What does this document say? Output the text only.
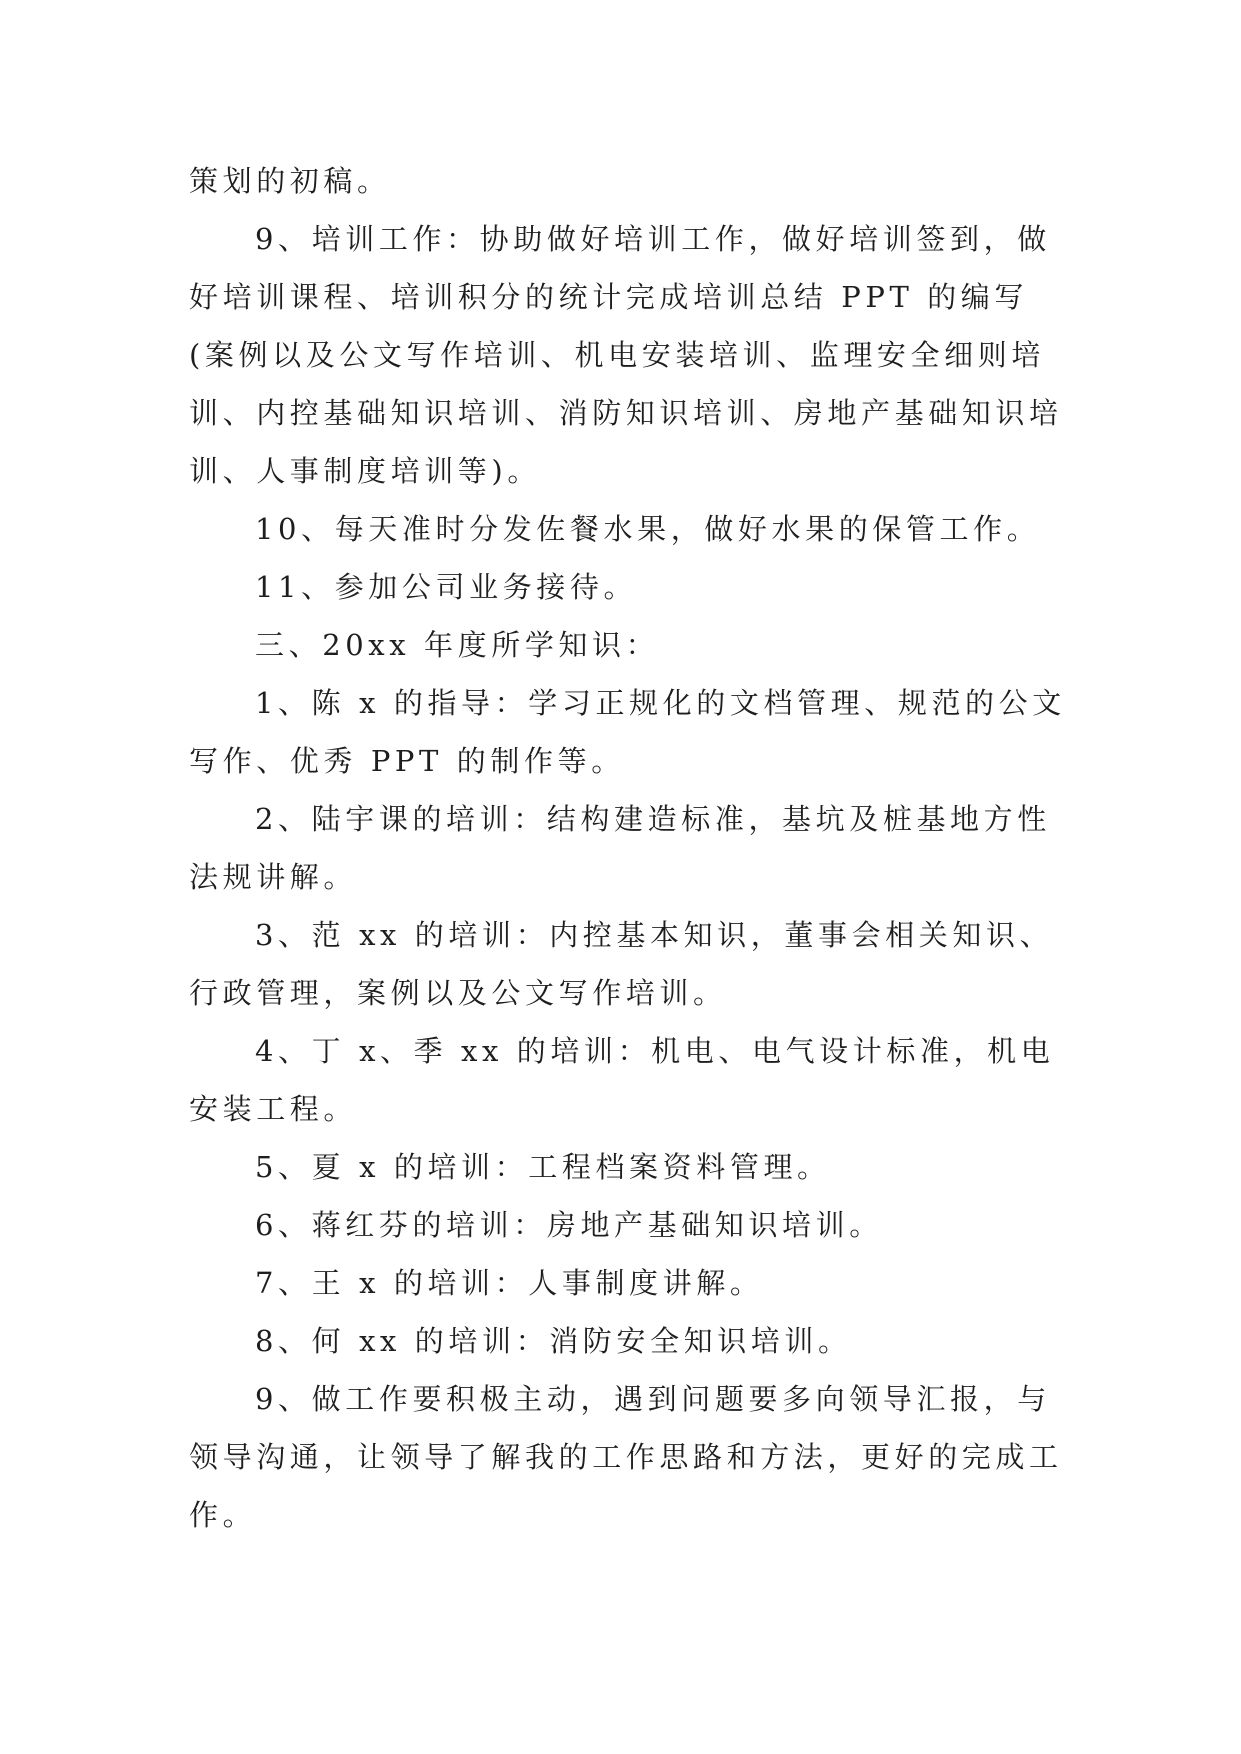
策划的初稿。

9、培训工作：协助做好培训工作，做好培训签到，做好培训课程、培训积分的统计完成培训总结 PPT 的编写(案例以及公文写作培训、机电安装培训、监理安全细则培训、内控基础知识培训、消防知识培训、房地产基础知识培训、人事制度培训等)。

10、每天准时分发佐餐水果，做好水果的保管工作。

11、参加公司业务接待。

三、20xx 年度所学知识：

1、陈 x 的指导：学习正规化的文档管理、规范的公文写作、优秀 PPT 的制作等。

2、陆宇课的培训：结构建造标准，基坑及桩基地方性法规讲解。

3、范 xx 的培训：内控基本知识，董事会相关知识、行政管理，案例以及公文写作培训。

4、丁 x、季 xx 的培训：机电、电气设计标准，机电安装工程。

5、夏 x 的培训：工程档案资料管理。

6、蒋红芬的培训：房地产基础知识培训。

7、王 x 的培训：人事制度讲解。

8、何 xx 的培训：消防安全知识培训。

9、做工作要积极主动，遇到问题要多向领导汇报，与领导沟通，让领导了解我的工作思路和方法，更好的完成工作。
